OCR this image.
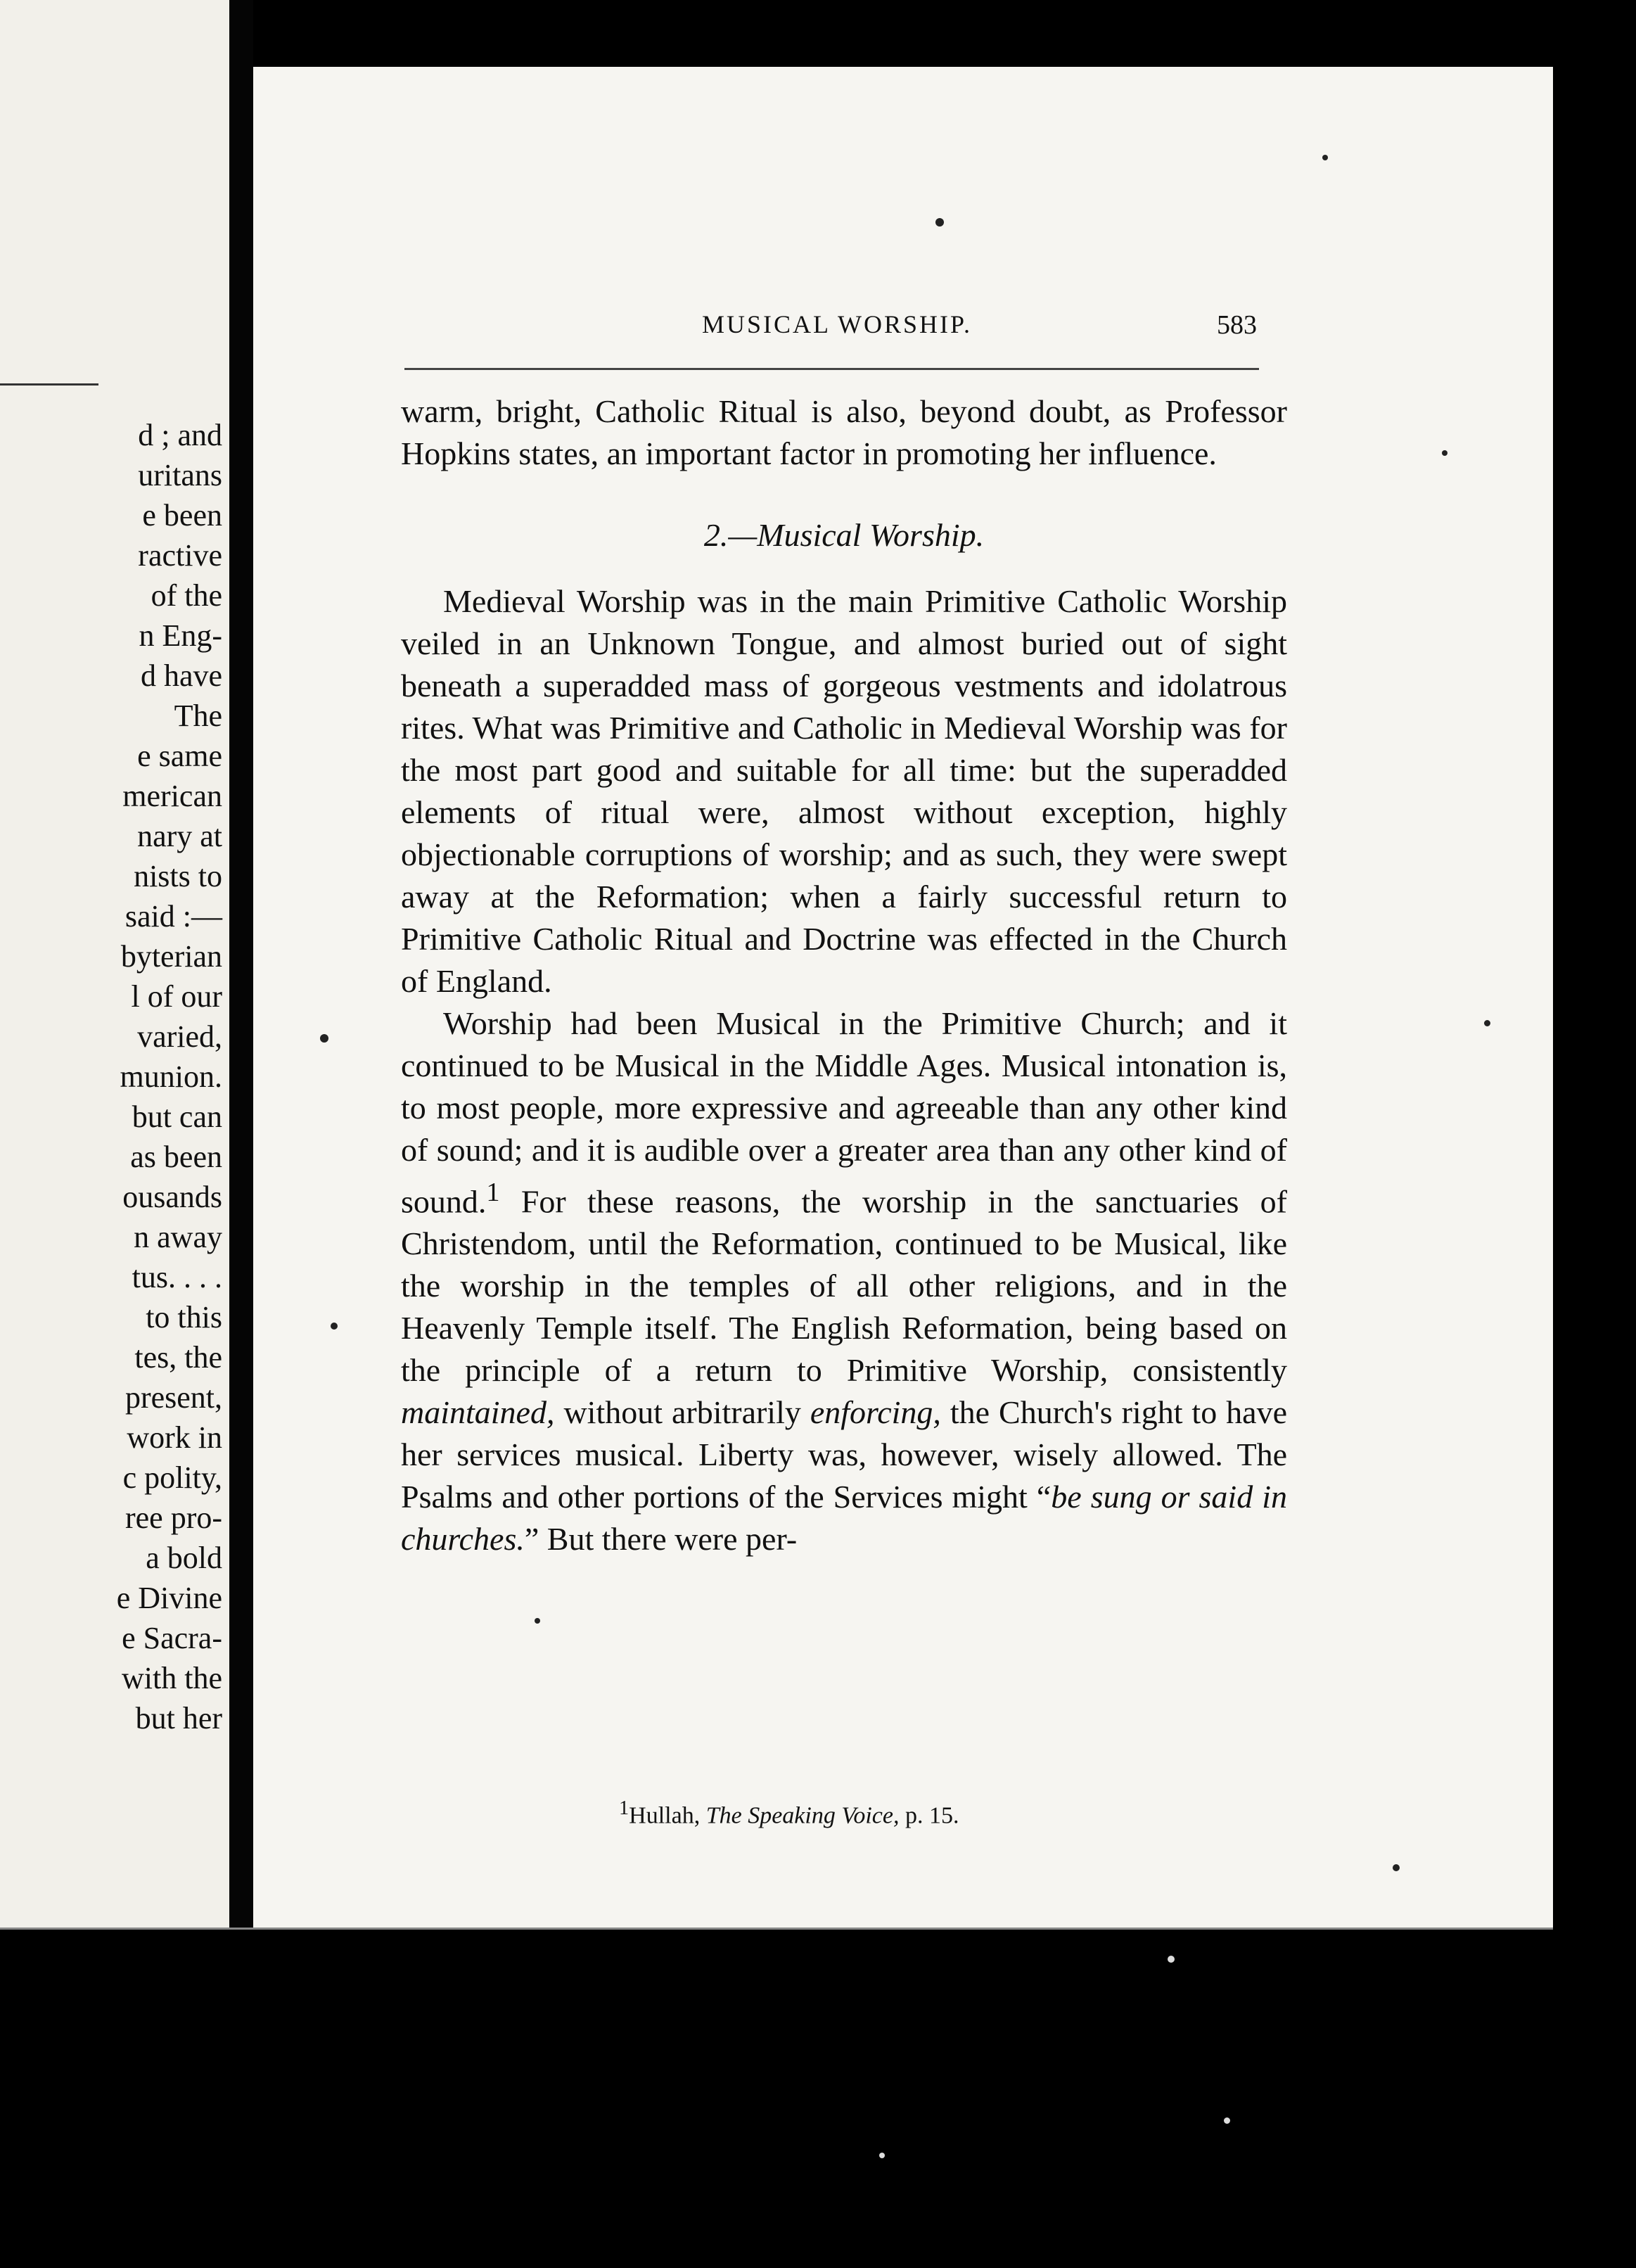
d ; and
uritans
e been
ractive
of the
n Eng-
d have
The
e same
merican
nary at
nists to
said :—
byterian
l of our
varied,
munion.
but can
as been
ousands
n away
tus. . . .
to this
tes, the
present,
work in
c polity,
ree pro-
a bold
e Divine
e Sacra-
with the
but her
MUSICAL WORSHIP.	583

warm, bright, Catholic Ritual is also, beyond doubt, as Professor Hopkins states, an important factor in promoting her influence.

2.—Musical Worship.

Medieval Worship was in the main Primitive Catholic Worship veiled in an Unknown Tongue, and almost buried out of sight beneath a superadded mass of gorgeous vestments and idolatrous rites. What was Primitive and Catholic in Medieval Worship was for the most part good and suitable for all time: but the superadded elements of ritual were, almost without exception, highly objectionable corruptions of worship; and as such, they were swept away at the Reformation; when a fairly successful return to Primitive Catholic Ritual and Doctrine was effected in the Church of England.

Worship had been Musical in the Primitive Church; and it continued to be Musical in the Middle Ages. Musical intonation is, to most people, more expressive and agreeable than any other kind of sound; and it is audible over a greater area than any other kind of sound.$^1$ For these reasons, the worship in the sanctuaries of Christendom, until the Reformation, continued to be Musical, like the worship in the temples of all other religions, and in the Heavenly Temple itself. The English Reformation, being based on the principle of a return to Primitive Worship, consistently maintained, without arbitrarily enforcing, the Church's right to have her services musical. Liberty was, however, wisely allowed. The Psalms and other portions of the Services might “be sung or said in churches.” But there were per-

$^1$Hullah, The Speaking Voice, p. 15.
